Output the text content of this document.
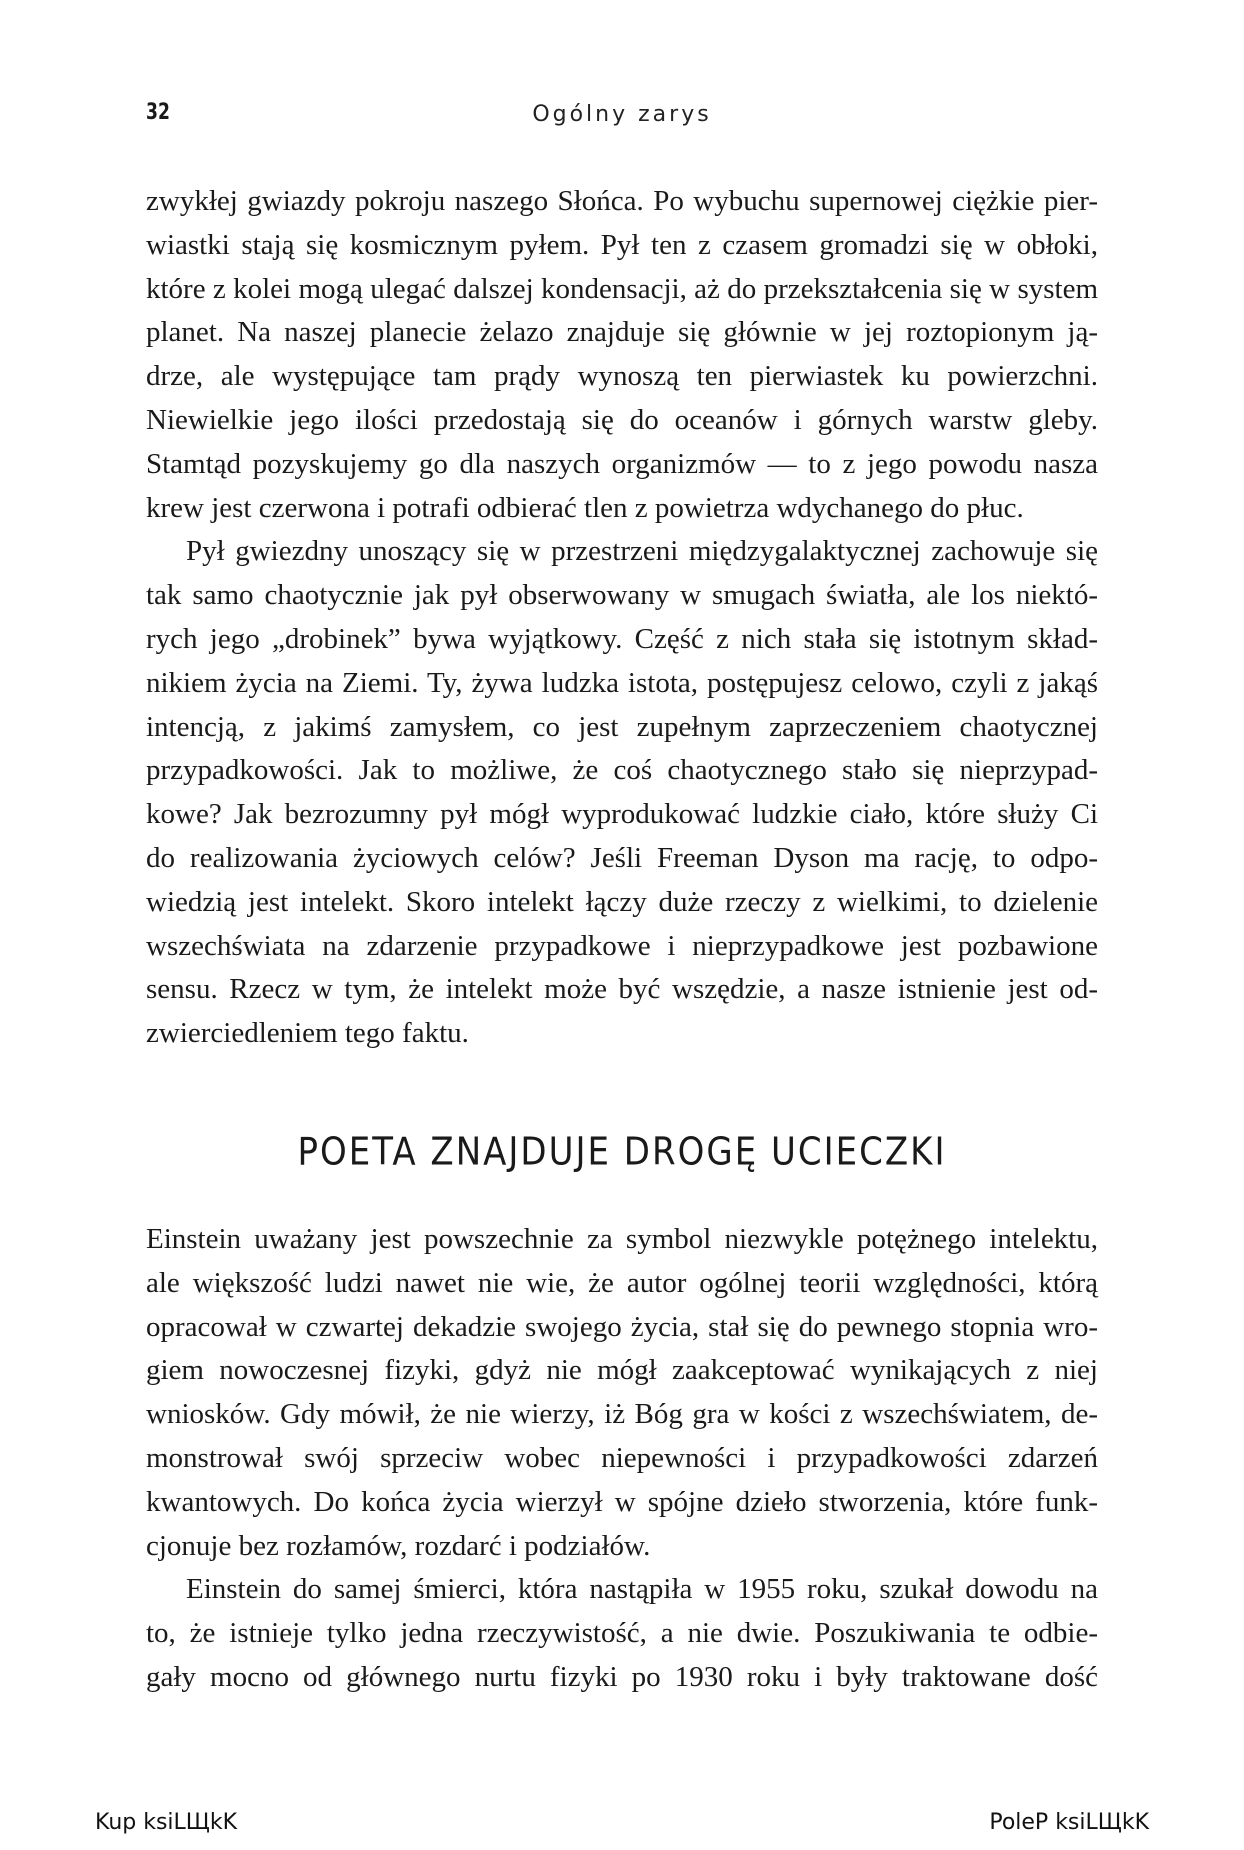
32	Ogólny zarys
zwykłej gwiazdy pokroju naszego Słońca. Po wybuchu supernowej ciężkie pier-
wiastki stają się kosmicznym pyłem. Pył ten z czasem gromadzi się w obłoki,
które z kolei mogą ulegać dalszej kondensacji, aż do przekształcenia się w system
planet. Na naszej planecie żelazo znajduje się głównie w jej roztopionym ją-
drze, ale występujące tam prądy wynoszą ten pierwiastek ku powierzchni.
Niewielkie jego ilości przedostają się do oceanów i górnych warstw gleby.
Stamtąd pozyskujemy go dla naszych organizmów — to z jego powodu nasza
krew jest czerwona i potrafi odbierać tlen z powietrza wdychanego do płuc.
Pył gwiezdny unoszący się w przestrzeni międzygalaktycznej zachowuje się
tak samo chaotycznie jak pył obserwowany w smugach światła, ale los niektó-
rych jego „drobinek” bywa wyjątkowy. Część z nich stała się istotnym skład-
nikiem życia na Ziemi. Ty, żywa ludzka istota, postępujesz celowo, czyli z jakąś
intencją, z jakimś zamysłem, co jest zupełnym zaprzeczeniem chaotycznej
przypadkowości. Jak to możliwe, że coś chaotycznego stało się nieprzypad-
kowe? Jak bezrozumny pył mógł wyprodukować ludzkie ciało, które służy Ci
do realizowania życiowych celów? Jeśli Freeman Dyson ma rację, to odpo-
wiedzią jest intelekt. Skoro intelekt łączy duże rzeczy z wielkimi, to dzielenie
wszechświata na zdarzenie przypadkowe i nieprzypadkowe jest pozbawione
sensu. Rzecz w tym, że intelekt może być wszędzie, a nasze istnienie jest od-
zwierciedleniem tego faktu.
POETA ZNAJDUJE DROGĘ UCIECZKI
Einstein uważany jest powszechnie za symbol niezwykle potężnego intelektu,
ale większość ludzi nawet nie wie, że autor ogólnej teorii względności, którą
opracował w czwartej dekadzie swojego życia, stał się do pewnego stopnia wro-
giem nowoczesnej fizyki, gdyż nie mógł zaakceptować wynikających z niej
wniosków. Gdy mówił, że nie wierzy, iż Bóg gra w kości z wszechświatem, de-
monstrował swój sprzeciw wobec niepewności i przypadkowości zdarzeń
kwantowych. Do końca życia wierzył w spójne dzieło stworzenia, które funk-
cjonuje bez rozłamów, rozdarć i podziałów.
Einstein do samej śmierci, która nastąpiła w 1955 roku, szukał dowodu na
to, że istnieje tylko jedna rzeczywistość, a nie dwie. Poszukiwania te odbie-
gały mocno od głównego nurtu fizyki po 1930 roku i były traktowane dość
Kup ksiLЩkK	PoleP ksiLЩkK
